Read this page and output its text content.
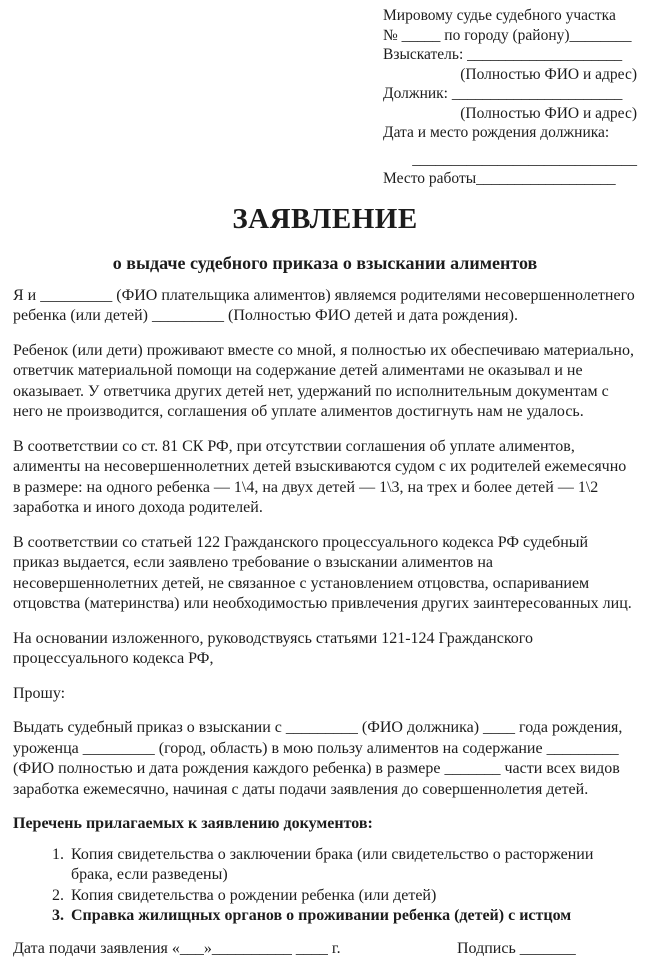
Мировому судье судебного участка
№ _____ по городу (району)________
Взыскатель: ____________________
(Полностью ФИО и адрес)
Должник: ______________________
(Полностью ФИО и адрес)
Дата и место рождения должника:
_____________________________
Место работы__________________
ЗАЯВЛЕНИЕ
о выдаче судебного приказа о взыскании алиментов

Я и _________ (ФИО плательщика алиментов) являемся родителями несовершеннолетнего ребенка (или детей) _________ (Полностью ФИО детей и дата рождения).

Ребенок (или дети) проживают вместе со мной, я полностью их обеспечиваю материально, ответчик материальной помощи на содержание детей алиментами не оказывал и не оказывает. У ответчика других детей нет, удержаний по исполнительным документам с него не производится, соглашения об уплате алиментов достигнуть нам не удалось.

В соответствии со ст. 81 СК РФ, при отсутствии соглашения об уплате алиментов, алименты на несовершеннолетних детей взыскиваются судом с их родителей ежемесячно в размере: на одного ребенка — 1\4, на двух детей — 1\3, на трех и более детей — 1\2 заработка и иного дохода родителей.

В соответствии со статьей 122 Гражданского процессуального кодекса РФ судебный приказ выдается, если заявлено требование о взыскании алиментов на несовершеннолетних детей, не связанное с установлением отцовства, оспариванием отцовства (материнства) или необходимостью привлечения других заинтересованных лиц.

На основании изложенного, руководствуясь статьями 121-124 Гражданского процессуального кодекса РФ,

Прошу:

Выдать судебный приказ о взыскании с _________ (ФИО должника) ____ года рождения, уроженца _________ (город, область) в мою пользу алиментов на содержание _________ (ФИО полностью и дата рождения каждого ребенка) в размере _______ части всех видов заработка ежемесячно, начиная с даты подачи заявления до совершеннолетия детей.

Перечень прилагаемых к заявлению документов:

1. Копия свидетельства о заключении брака (или свидетельство о расторжении брака, если разведены)
2. Копия свидетельства о рождении ребенка (или детей)
3. Справка жилищных органов о проживании ребенка (детей) с истцом
Дата подачи заявления «___»__________ ____ г.	Подпись _______
